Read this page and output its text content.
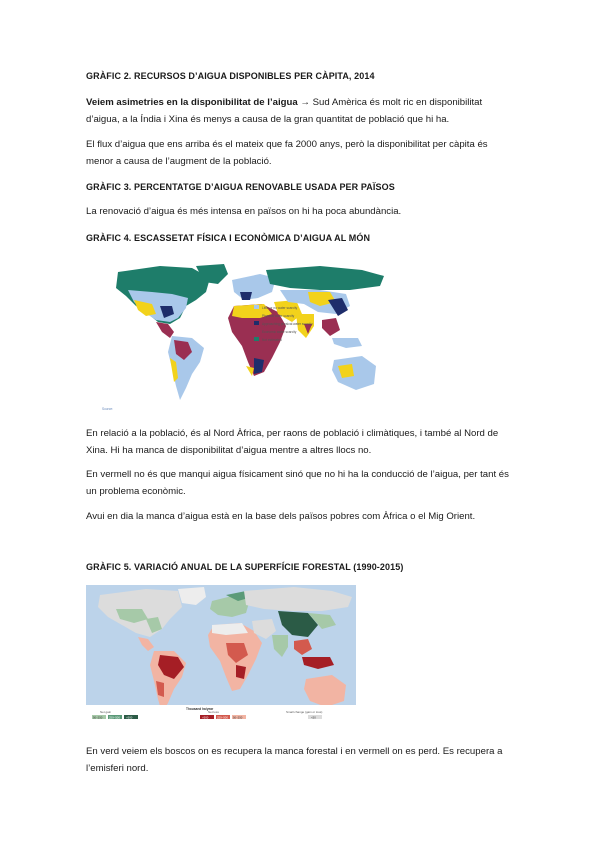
GRÀFIC 2. RECURSOS D’AIGUA DISPONIBLES PER CÀPITA, 2014
Veiem asimetries en la disponibilitat de l’aigua → Sud Amèrica és molt ric en disponibilitat d’aigua, a la Índia i Xina és menys a causa de la gran quantitat de població que hi ha.
El flux d’aigua que ens arriba és el mateix que fa 2000 anys, però la disponibilitat per càpita és menor a causa de l’augment de la població.
GRÀFIC 3. PERCENTATGE D’AIGUA RENOVABLE USADA PER PAÏSOS
La renovació d’aigua és més intensa en països on hi ha poca abundància.
GRÀFIC 4. ESCASSETAT FÍSICA I ECONÒMICA D’AIGUA AL MÓN
Little or no water scarcity
Physical water scarcity
Approaching physical water scarcity
Economic water scarcity
Not estimated
Source:
En relació a la població, és al Nord Àfrica, per raons de població i climàtiques, i també al Nord de Xina. Hi ha manca de disponibilitat d’aigua mentre a altres llocs no.
En vermell no és que manqui aigua físicament sinó que no hi ha la conducció de l’aigua, per tant és un problema econòmic.
Avui en dia la manca d’aigua està en la base dels països pobres com Àfrica o el Mig Orient.
GRÀFIC 5. VARIACIÓ ANUAL DE LA SUPERFÍCIE FORESTAL (1990-2015)
Thousand ha/year
Net gain	Net loss	Small change (gain or loss)
50–250 250–500 >500	>500	250–500 50–250	<50
En verd veiem els boscos on es recupera la manca forestal i en vermell on es perd. Es recupera a l’emisferi nord.
